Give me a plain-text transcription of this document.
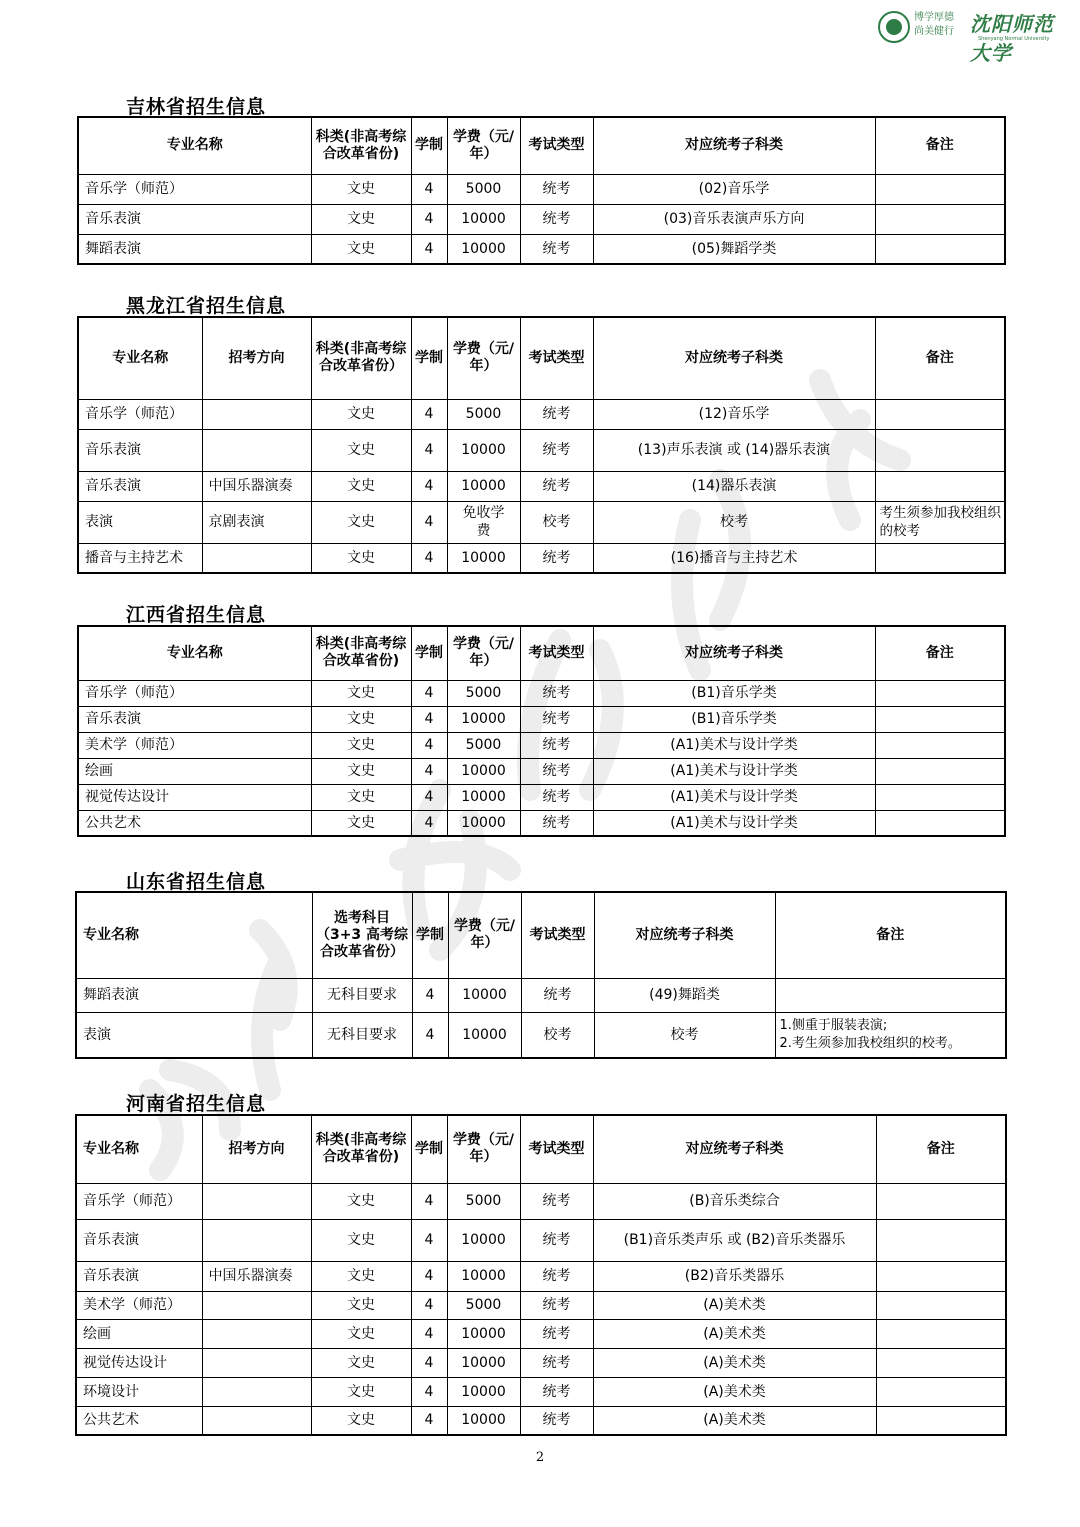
博学厚德
尚美健行 沈阳师范大学
Shenyang Normal University
吉林省招生信息
专业名称	科类(非高考综合改革省份)	学制	学费（元/年）	考试类型	对应统考子科类	备注
音乐学（师范）	文史	4	5000	统考	(02)音乐学	
音乐表演	文史	4	10000	统考	(03)音乐表演声乐方向	
舞蹈表演	文史	4	10000	统考	(05)舞蹈学类	
黑龙江省招生信息
专业名称	招考方向	科类(非高考综合改革省份）	学制	学费（元/年）	考试类型	对应统考子科类	备注
音乐学（师范）		文史	4	5000	统考	(12)音乐学	
音乐表演		文史	4	10000	统考	(13)声乐表演 或 (14)器乐表演	
音乐表演	中国乐器演奏	文史	4	10000	统考	(14)器乐表演	
表演	京剧表演	文史	4	免收学费	校考	校考	考生须参加我校组织的校考
播音与主持艺术		文史	4	10000	统考	(16)播音与主持艺术	
江西省招生信息
专业名称	科类(非高考综合改革省份)	学制	学费（元/年）	考试类型	对应统考子科类	备注
音乐学（师范）	文史	4	5000	统考	(B1)音乐学类	
音乐表演	文史	4	10000	统考	(B1)音乐学类	
美术学（师范）	文史	4	5000	统考	(A1)美术与设计学类	
绘画	文史	4	10000	统考	(A1)美术与设计学类	
视觉传达设计	文史	4	10000	统考	(A1)美术与设计学类	
公共艺术	文史	4	10000	统考	(A1)美术与设计学类	
山东省招生信息
专业名称	选考科目（3+3 高考综合改革省份）	学制	学费（元/年）	考试类型	对应统考子科类	备注
舞蹈表演	无科目要求	4	10000	统考	(49)舞蹈类	
表演	无科目要求	4	10000	校考	校考	1.侧重于服装表演;
2.考生须参加我校组织的校考。
河南省招生信息
专业名称	招考方向	科类(非高考综合改革省份)	学制	学费（元/年）	考试类型	对应统考子科类	备注
音乐学（师范）		文史	4	5000	统考	(B)音乐类综合	
音乐表演		文史	4	10000	统考	(B1)音乐类声乐 或 (B2)音乐类器乐	
音乐表演	中国乐器演奏	文史	4	10000	统考	(B2)音乐类器乐	
美术学（师范）		文史	4	5000	统考	(A)美术类	
绘画		文史	4	10000	统考	(A)美术类	
视觉传达设计		文史	4	10000	统考	(A)美术类	
环境设计		文史	4	10000	统考	(A)美术类	
公共艺术		文史	4	10000	统考	(A)美术类	
2
